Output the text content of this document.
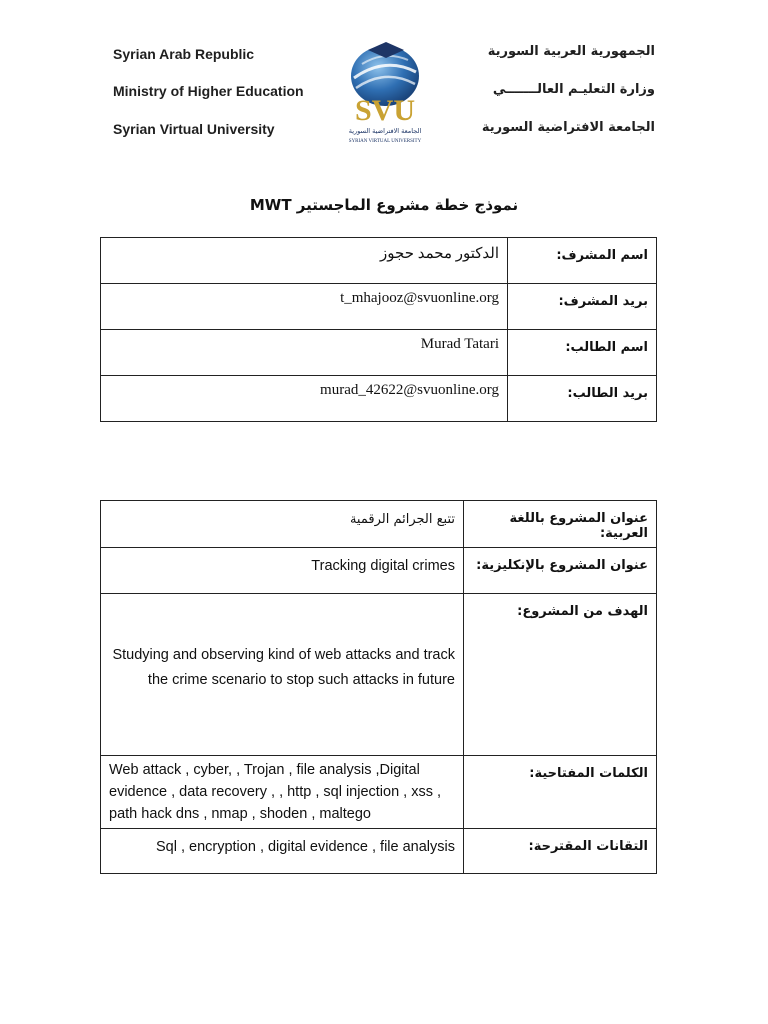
Syrian Arab Republic
Ministry of Higher Education
Syrian Virtual University
الجمهورية العربية السورية
وزارة التعليـم العالـــــــي
الجامعة الافتراضية السورية
SVU
الجامعة الافتراضية السورية
SYRIAN VIRTUAL UNIVERSITY
نموذج خطة مشروع الماجستير MWT
الدكتور محمد حجوز	اسم المشرف:
t_mhajooz@svuonline.org	بريد المشرف:
Murad Tatari	اسم الطالب:
murad_42622@svuonline.org	بريد الطالب:
تتبع الجرائم الرقمية	عنوان المشروع باللغة العربية:
Tracking digital crimes	عنوان المشروع بالإنكليزية:
Studying and observing kind of web attacks and track the crime scenario to stop such attacks in future	الهدف من المشروع:
Web attack , cyber, , Trojan , file analysis ,Digital evidence , data recovery , , http , sql injection , xss , path hack dns , nmap , shoden , maltego	الكلمات المفتاحية:
Sql , encryption , digital evidence , file analysis	التقانات المقترحة:
